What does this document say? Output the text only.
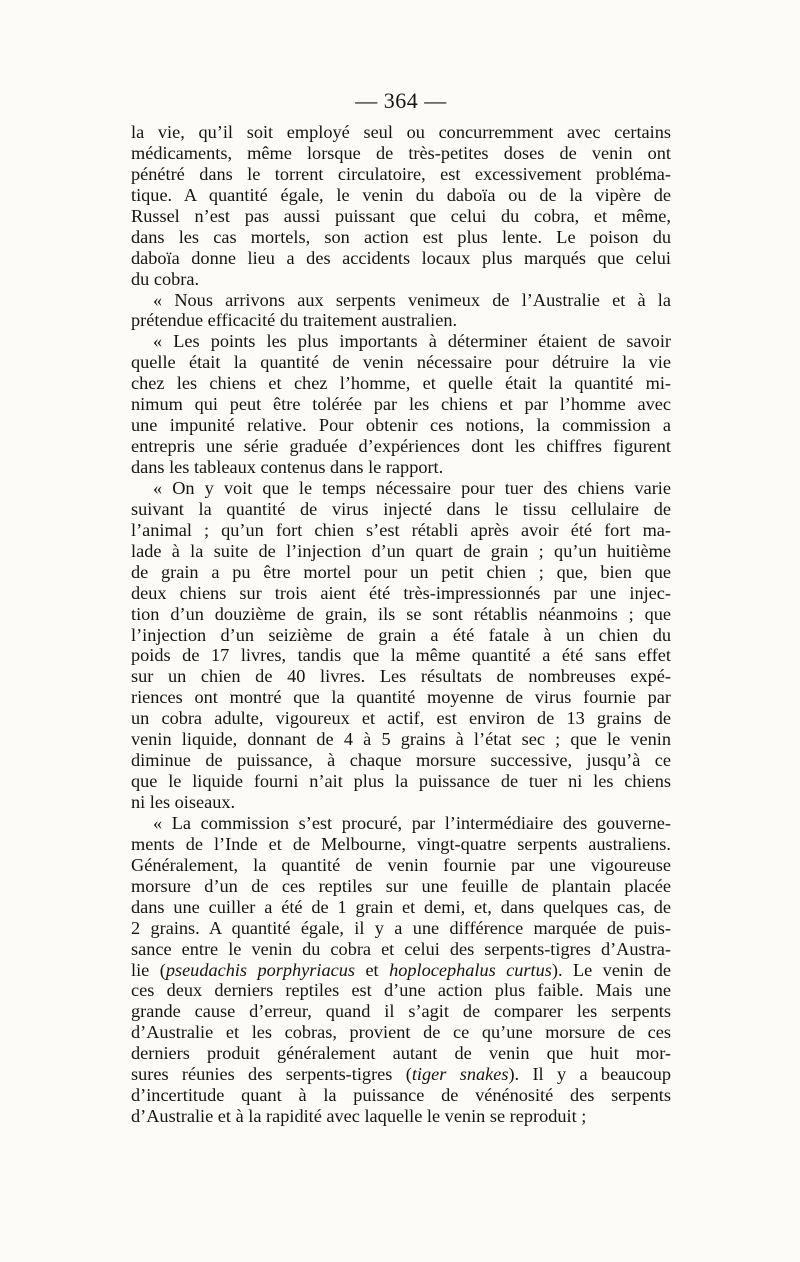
— 364 —
la vie, qu’il soit employé seul ou concurremment avec certains
médicaments, même lorsque de très-petites doses de venin ont
pénétré dans le torrent circulatoire, est excessivement probléma-
tique. A quantité égale, le venin du daboïa ou de la vipère de
Russel n’est pas aussi puissant que celui du cobra, et même,
dans les cas mortels, son action est plus lente. Le poison du
daboïa donne lieu a des accidents locaux plus marqués que celui
du cobra.
« Nous arrivons aux serpents venimeux de l’Australie et à la
prétendue efficacité du traitement australien.
« Les points les plus importants à déterminer étaient de savoir
quelle était la quantité de venin nécessaire pour détruire la vie
chez les chiens et chez l’homme, et quelle était la quantité mi-
nimum qui peut être tolérée par les chiens et par l’homme avec
une impunité relative. Pour obtenir ces notions, la commission a
entrepris une série graduée d’expériences dont les chiffres figurent
dans les tableaux contenus dans le rapport.
« On y voit que le temps nécessaire pour tuer des chiens varie
suivant la quantité de virus injecté dans le tissu cellulaire de
l’animal ; qu’un fort chien s’est rétabli après avoir été fort ma-
lade à la suite de l’injection d’un quart de grain ; qu’un huitième
de grain a pu être mortel pour un petit chien ; que, bien que
deux chiens sur trois aient été très-impressionnés par une injec-
tion d’un douzième de grain, ils se sont rétablis néanmoins ; que
l’injection d’un seizième de grain a été fatale à un chien du
poids de 17 livres, tandis que la même quantité a été sans effet
sur un chien de 40 livres. Les résultats de nombreuses expé-
riences ont montré que la quantité moyenne de virus fournie par
un cobra adulte, vigoureux et actif, est environ de 13 grains de
venin liquide, donnant de 4 à 5 grains à l’état sec ; que le venin
diminue de puissance, à chaque morsure successive, jusqu’à ce
que le liquide fourni n’ait plus la puissance de tuer ni les chiens
ni les oiseaux.
« La commission s’est procuré, par l’intermédiaire des gouverne-
ments de l’Inde et de Melbourne, vingt-quatre serpents australiens.
Généralement, la quantité de venin fournie par une vigoureuse
morsure d’un de ces reptiles sur une feuille de plantain placée
dans une cuiller a été de 1 grain et demi, et, dans quelques cas, de
2 grains. A quantité égale, il y a une différence marquée de puis-
sance entre le venin du cobra et celui des serpents-tigres d’Austra-
lie (pseudachis porphyriacus et hoplocephalus curtus). Le venin de
ces deux derniers reptiles est d’une action plus faible. Mais une
grande cause d’erreur, quand il s’agit de comparer les serpents
d’Australie et les cobras, provient de ce qu’une morsure de ces
derniers produit généralement autant de venin que huit mor-
sures réunies des serpents-tigres (tiger snakes). Il y a beaucoup
d’incertitude quant à la puissance de vénénosité des serpents
d’Australie et à la rapidité avec laquelle le venin se reproduit ;
